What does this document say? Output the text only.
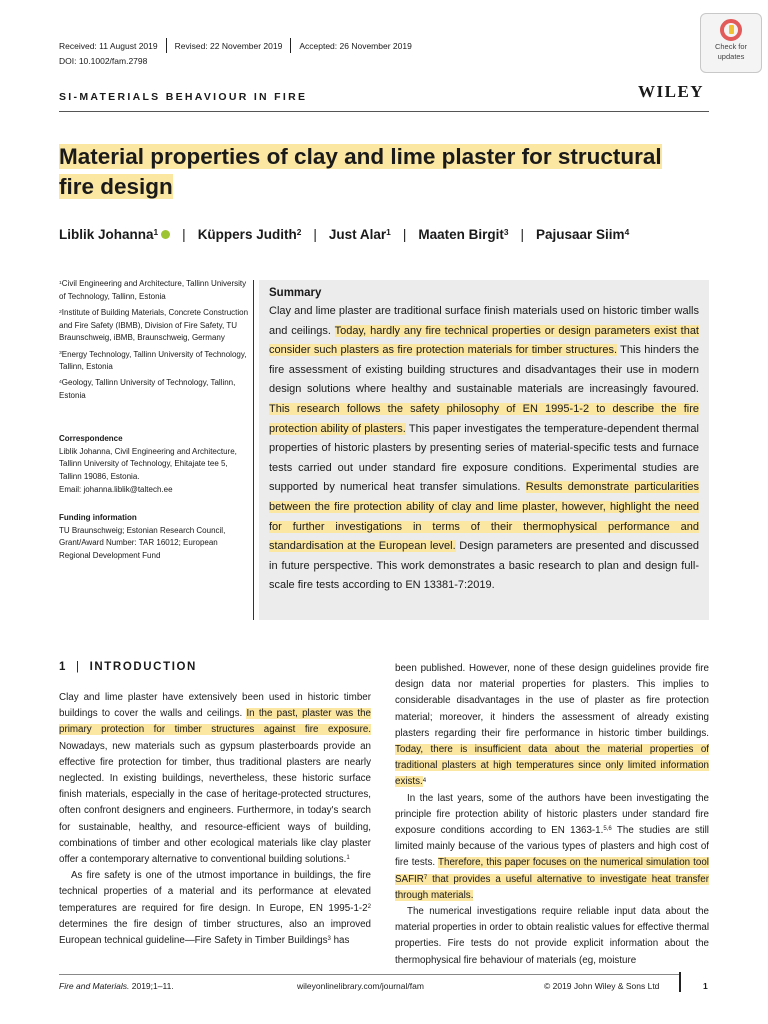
Received: 11 August 2019 Revised: 22 November 2019 Accepted: 26 November 2019
DOI: 10.1002/fam.2798
Check for
updates
SI-MATERIALS BEHAVIOUR IN FIRE	WILEY
Material properties of clay and lime plaster for structural
fire design
Liblik Johanna$^1$ | Küppers Judith$^2$ | Just Alar$^1$ | Maaten Birgit$^3$ | Pajusaar Siim$^4$

$^1$Civil Engineering and Architecture, Tallinn University of Technology, Tallinn, Estonia

$^2$Institute of Building Materials, Concrete Construction and Fire Safety (IBMB), Division of Fire Safety, TU Braunschweig, iBMB, Braunschweig, Germany

$^3$Energy Technology, Tallinn University of Technology, Tallinn, Estonia

$^4$Geology, Tallinn University of Technology, Tallinn, Estonia

Correspondence

Liblik Johanna, Civil Engineering and Architecture, Tallinn University of Technology, Ehitajate tee 5, Tallinn 19086, Estonia.

Email: johanna.liblik@taltech.ee

Funding information

TU Braunschweig; Estonian Research Council, Grant/Award Number: TAR 16012; European Regional Development Fund

Summary

Clay and lime plaster are traditional surface finish materials used on historic timber walls and ceilings. Today, hardly any fire technical properties or design parameters exist that consider such plasters as fire protection materials for timber structures. This hinders the fire assessment of existing building structures and disadvantages their use in modern design solutions where healthy and sustainable materials are increasingly favoured. This research follows the safety philosophy of EN 1995-1-2 to describe the fire protection ability of plasters. This paper investigates the temperature-dependent thermal properties of historic plasters by presenting series of material-specific tests and furnace tests carried out under standard fire exposure conditions. Experimental studies are supported by numerical heat transfer simulations. Results demonstrate particularities between the fire protection ability of clay and lime plaster, however, highlight the need for further investigations in terms of their thermophysical performance and standardisation at the European level. Design parameters are presented and discussed in future perspective. This work demonstrates a basic research to plan and design full-scale fire tests according to EN 13381-7:2019.

1 | INTRODUCTION

Clay and lime plaster have extensively been used in historic timber buildings to cover the walls and ceilings. In the past, plaster was the primary protection for timber structures against fire exposure. Nowadays, new materials such as gypsum plasterboards provide an effective fire protection for timber, thus traditional plasters are nearly neglected. In existing buildings, nevertheless, these historic surface finish materials, especially in the case of heritage-protected structures, often confront designers and engineers. Furthermore, in today's search for sustainable, healthy, and resource-efficient ways of building, combinations of timber and other ecological materials like clay plaster offer a contemporary alternative to conventional building solutions.$^1$

As fire safety is one of the utmost importance in buildings, the fire technical properties of a material and its performance at elevated temperatures are required for fire design. In Europe, EN $1995-1-2^2$ determines the fire design of timber structures, also an improved European technical guideline—Fire Safety in Timber Buildings$^3$ has

been published. However, none of these design guidelines provide fire design data nor material properties for plasters. This implies to considerable disadvantages in the use of plaster as fire protection material; moreover, it hinders the assessment of already existing plasters regarding their fire performance in historic timber buildings. Today, there is insufficient data about the material properties of traditional plasters at high temperatures since only limited information exists.$^4$

In the last years, some of the authors have been investigating the principle fire protection ability of historic plasters under standard fire exposure conditions according to EN 1363-1.$^{5,6}$ The studies are still limited mainly because of the various types of plasters and high cost of fire tests. Therefore, this paper focuses on the numerical simulation tool SAFIR$^7$ that provides a useful alternative to investigate heat transfer through materials.

The numerical investigations require reliable input data about the material properties in order to obtain realistic values for effective thermal properties. Fire tests do not provide explicit information about the thermophysical fire behaviour of materials (eg, moisture

Fire and Materials. 2019;1–11.	wileyonlinelibrary.com/journal/fam	© 2019 John Wiley & Sons Ltd	1
